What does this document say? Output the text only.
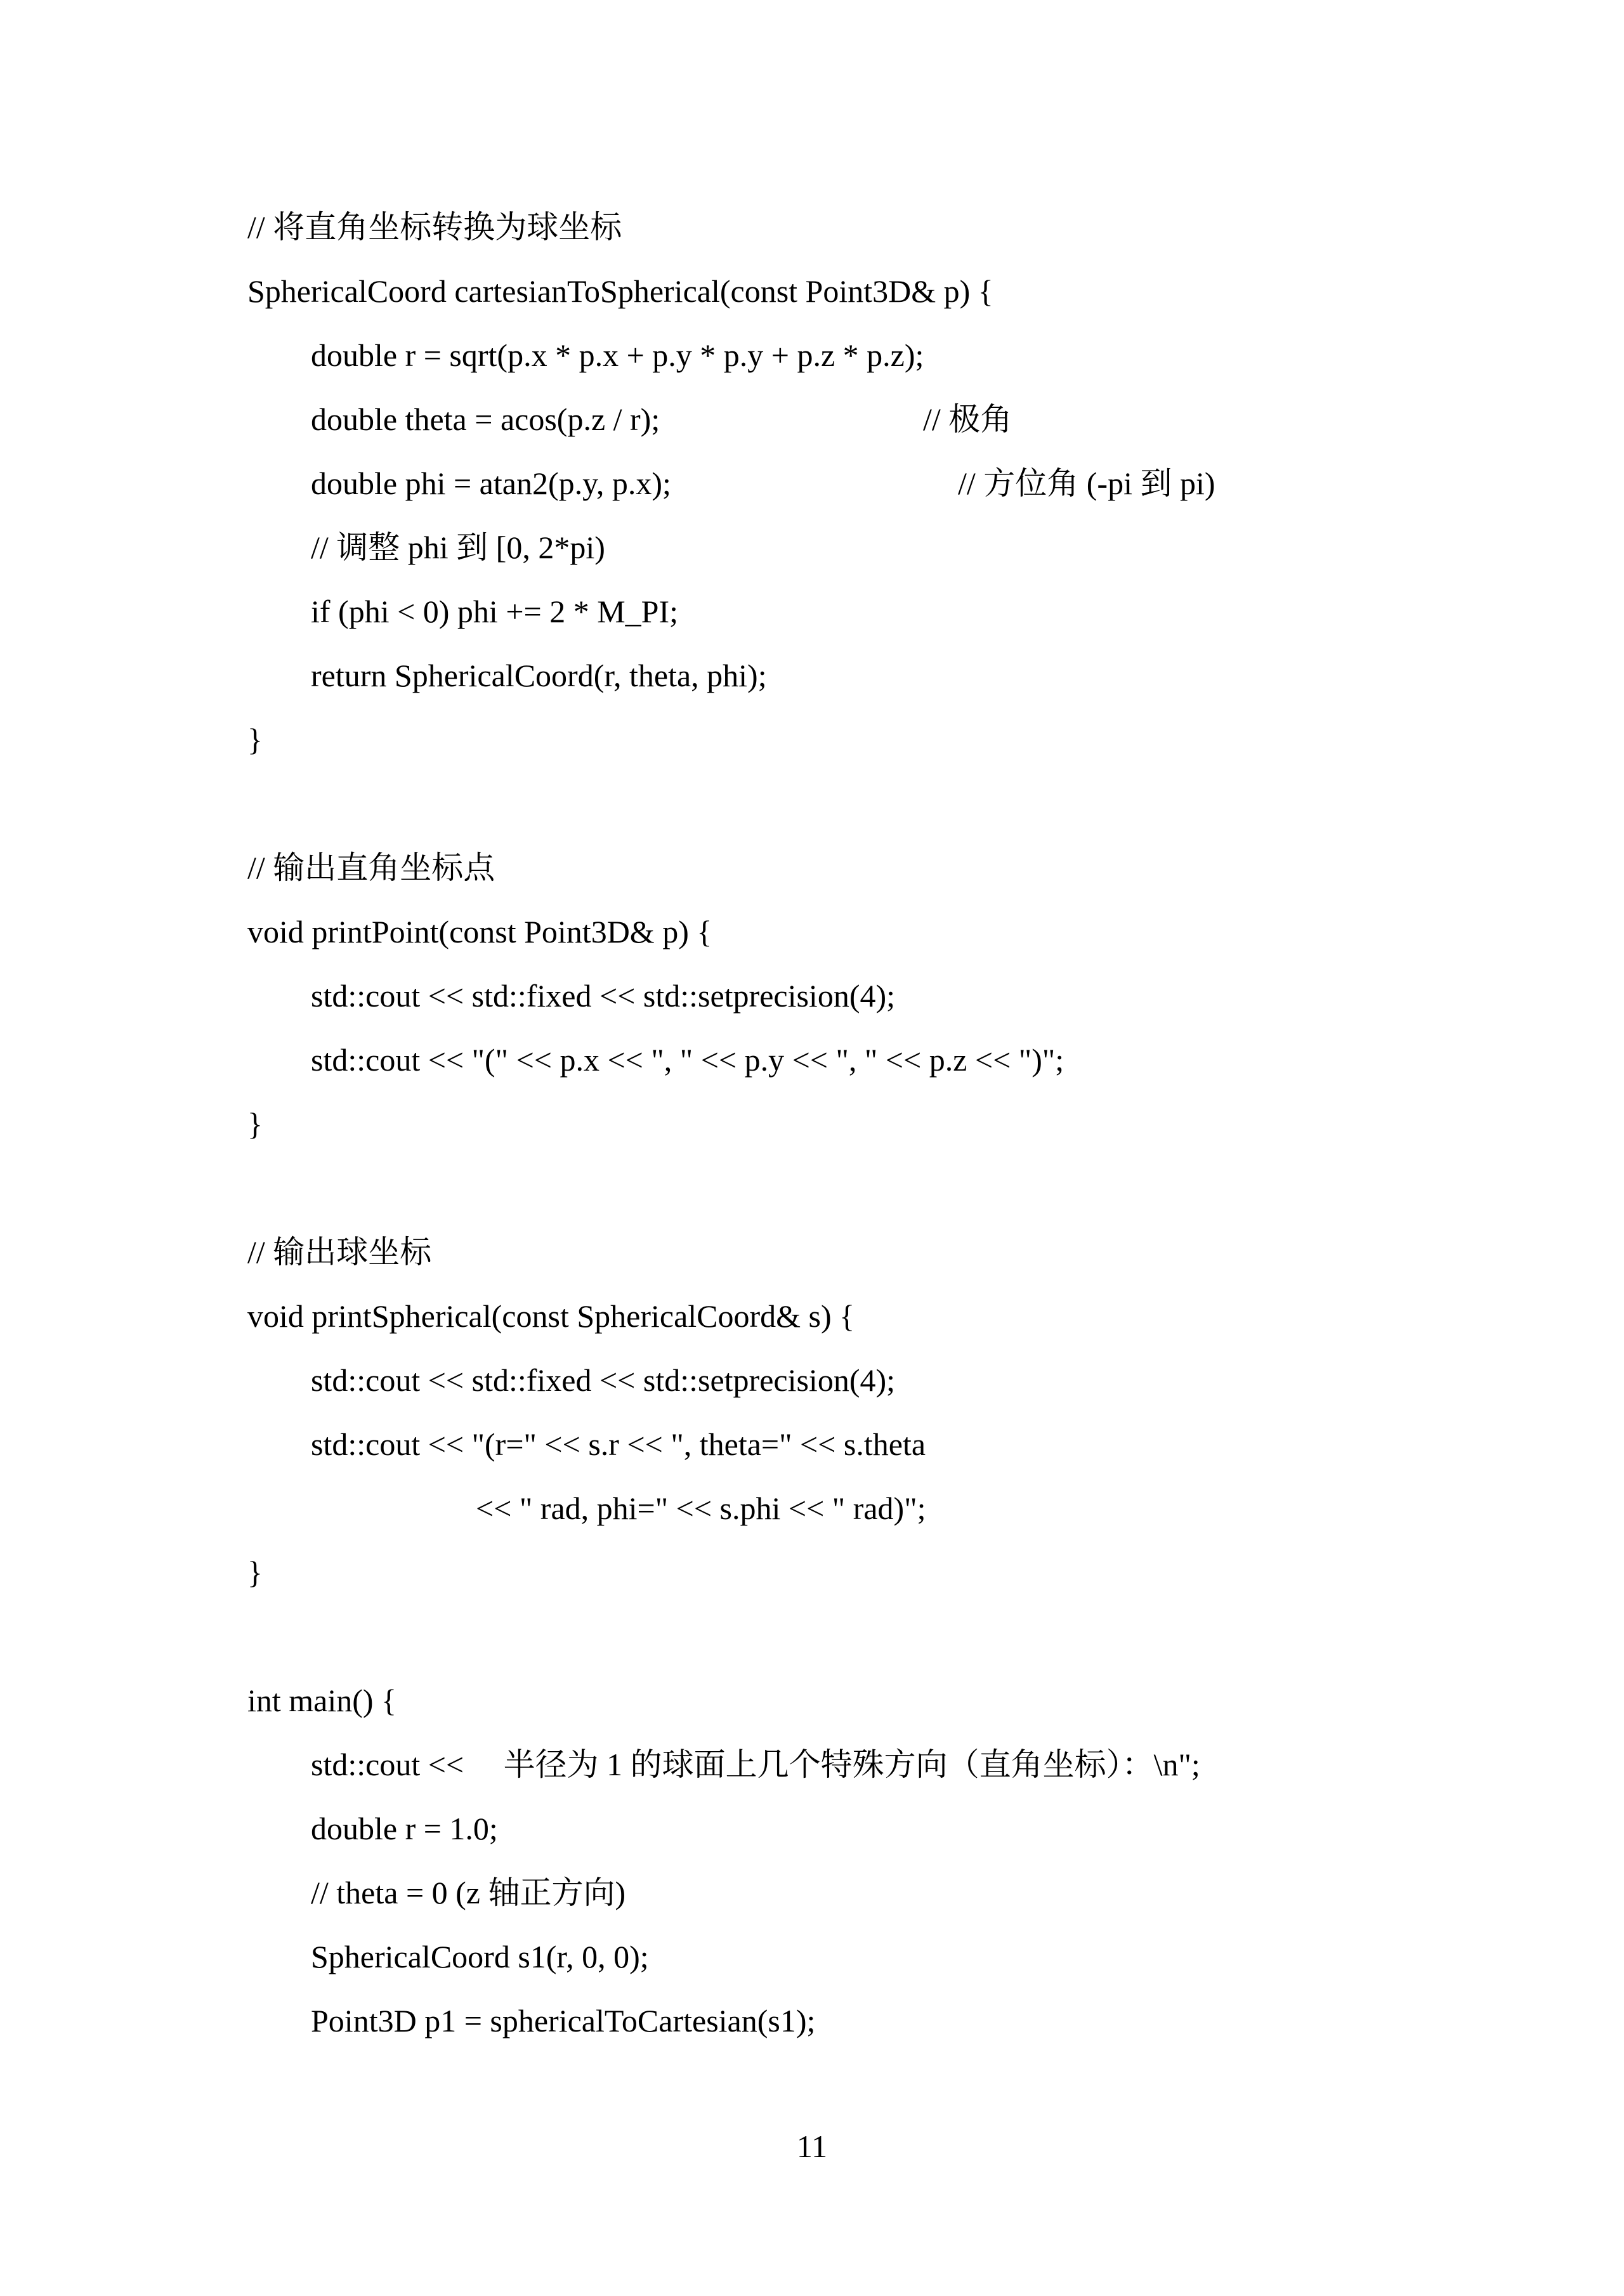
11
// 将直角坐标转换为球坐标
SphericalCoord cartesianToSpherical(const Point3D& p) {
double r = sqrt(p.x * p.x + p.y * p.y + p.z * p.z);
double theta = acos(p.z / r);	// 极角
double phi = atan2(p.y, p.x);	// 方位角 (-pi 到 pi)
// 调整 phi 到 [0, 2*pi)
if (phi < 0) phi += 2 * M_PI;
return SphericalCoord(r, theta, phi);
}
// 输出直角坐标点
void printPoint(const Point3D& p) {
std::cout << std::fixed << std::setprecision(4);
std::cout << "(" << p.x << ", " << p.y << ", " << p.z << ")";
}
// 输出球坐标
void printSpherical(const SphericalCoord& s) {
std::cout << std::fixed << std::setprecision(4);
std::cout << "(r=" << s.r << ", theta=" << s.theta
<< " rad, phi=" << s.phi << " rad)";
}
int main() {
std::cout << 　半径为 1 的球面上几个特殊方向（直角坐标）：\n";
double r = 1.0;
// theta = 0 (z 轴正方向)
SphericalCoord s1(r, 0, 0);
Point3D p1 = sphericalToCartesian(s1);
